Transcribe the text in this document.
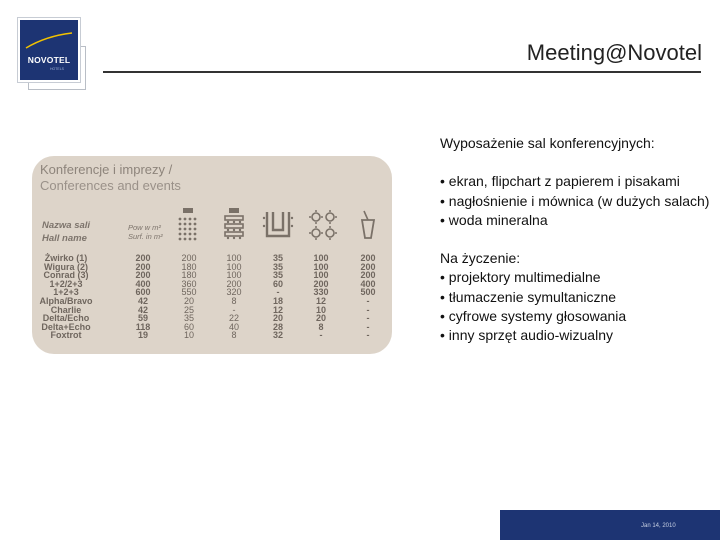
NOVOTEL
HOTELS
Meeting@Novotel
Konferencje i imprezy /
Conferences and events
Nazwa sali
Hall name
Pow w m²
Surf. in m²
Żwirko (1)
Wigura (2)
Conrad (3)
1+2/2+3
1+2+3
Alpha/Bravo
Charlie
Delta/Echo
Delta+Echo
Foxtrot
200
200
200
400
600
42
42
59
118
19
200
180
180
360
550
20
25
35
60
10
100
100
100
200
320
8
-
22
40
8
35
35
35
60
-
18
12
20
28
32
100
100
100
200
330
12
10
20
8
-
200
200
200
400
500
-
-
-
-
-

Wyposażenie sal konferencyjnych:

• ekran, flipchart z papierem i pisakami

• nagłośnienie i mównica (w dużych salach)

• woda mineralna

Na życzenie:

• projektory multimedialne

• tłumaczenie symultaniczne

• cyfrowe systemy głosowania

• inny sprzęt audio-wizualny

Jan 14, 2010
